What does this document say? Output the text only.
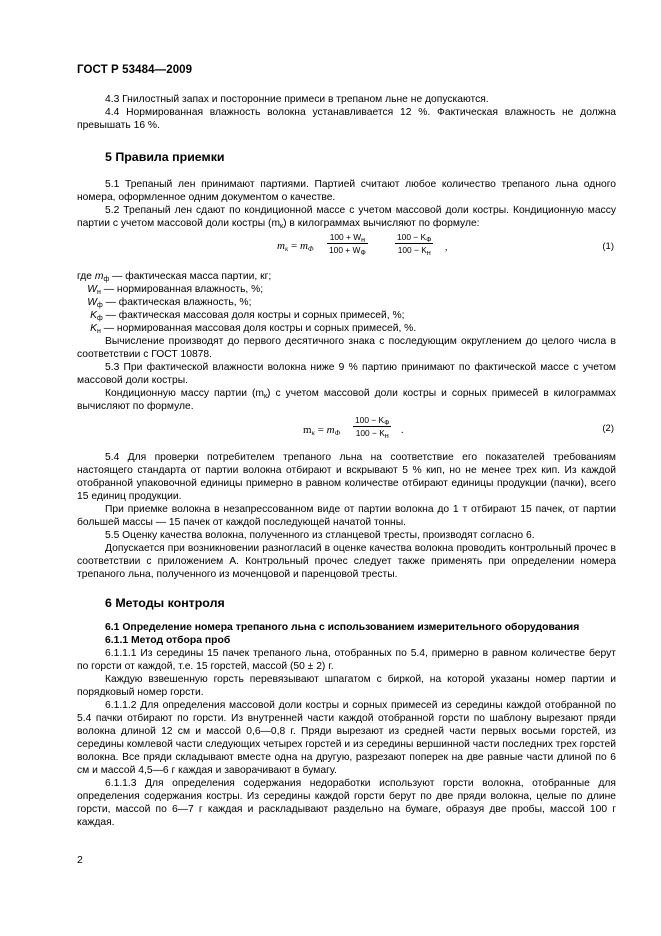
ГОСТ Р 53484—2009

4.3 Гнилостный запах и посторонние примеси в трепаном льне не допускаются.

4.4 Нормированная влажность волокна устанавливается 12 %. Фактическая влажность не должна превышать 16 %.

5 Правила приемки

5.1 Трепаный лен принимают партиями. Партией считают любое количество трепаного льна одного номера, оформленное одним документом о качестве.

5.2 Трепаный лен сдают по кондиционной массе с учетом массовой доли костры. Кондиционную массу партии с учетом массовой доли костры $(m_к)$ в килограммах вычисляют по формуле:

$m_к = m_Ф$
$100 + W_н$
$100 + W_Ф$
$100 - K_Ф$
$100 - K_н$
,	(1)

где $m_ф$ — фактическая масса партии, кг;

$W_н$ — нормированная влажность, %;

$W_ф$ — фактическая влажность, %;

$K_ф$ — фактическая массовая доля костры и сорных примесей, %;

$K_н$ — нормированная массовая доля костры и сорных примесей, %.

Вычисление производят до первого десятичного знака с последующим округлением до целого числа в соответствии с ГОСТ 10878.

5.3 При фактической влажности волокна ниже 9 % партию принимают по фактической массе с учетом массовой доли костры.

Кондиционную массу партии $(m_к)$ с учетом массовой доли костры и сорных примесей в килограммах вычисляют по формуле.

$m_к = m_Ф$
$100 - K_Ф$
$100 - K_н$
.	(2)

5.4 Для проверки потребителем трепаного льна на соответствие его показателей требованиям настоящего стандарта от партии волокна отбирают и вскрывают 5 % кип, но не менее трех кип. Из каждой отобранной упаковочной единицы примерно в равном количестве отбирают единицы продукции (пачки), всего 15 единиц продукции.

При приемке волокна в незапрессованном виде от партии волокна до 1 т отбирают 15 пачек, от партии большей массы — 15 пачек от каждой последующей начатой тонны.

5.5 Оценку качества волокна, полученного из стланцевой тресты, производят согласно 6.

Допускается при возникновении разногласий в оценке качества волокна проводить контрольный прочес в соответствии с приложением А. Контрольный прочес следует также применять при определении номера трепаного льна, полученного из моченцовой и паренцовой тресты.

6 Методы контроля
6.1 Определение номера трепаного льна с использованием измерительного оборудования
6.1.1 Метод отбора проб

6.1.1.1 Из середины 15 пачек трепаного льна, отобранных по 5.4, примерно в равном количестве берут по горсти от каждой, т.е. 15 горстей, массой (50 ± 2) г.

Каждую взвешенную горсть перевязывают шпагатом с биркой, на которой указаны номер партии и порядковый номер горсти.

6.1.1.2 Для определения массовой доли костры и сорных примесей из середины каждой отобранной по 5.4 пачки отбирают по горсти. Из внутренней части каждой отобранной горсти по шаблону вырезают пряди волокна длиной 12 см и массой 0,6—0,8 г. Пряди вырезают из средней части первых восьми горстей, из середины комлевой части следующих четырех горстей и из середины вершинной части последних трех горстей волокна. Все пряди складывают вместе одна на другую, разрезают поперек на две равные части длиной по 6 см и массой 4,5—6 г каждая и заворачивают в бумагу.

6.1.1.3 Для определения содержания недоработки используют горсти волокна, отобранные для определения содержания костры. Из середины каждой горсти берут по две пряди волокна, целые по длине горсти, массой по 6—7 г каждая и раскладывают раздельно на бумаге, образуя две пробы, массой 100 г каждая.

2
